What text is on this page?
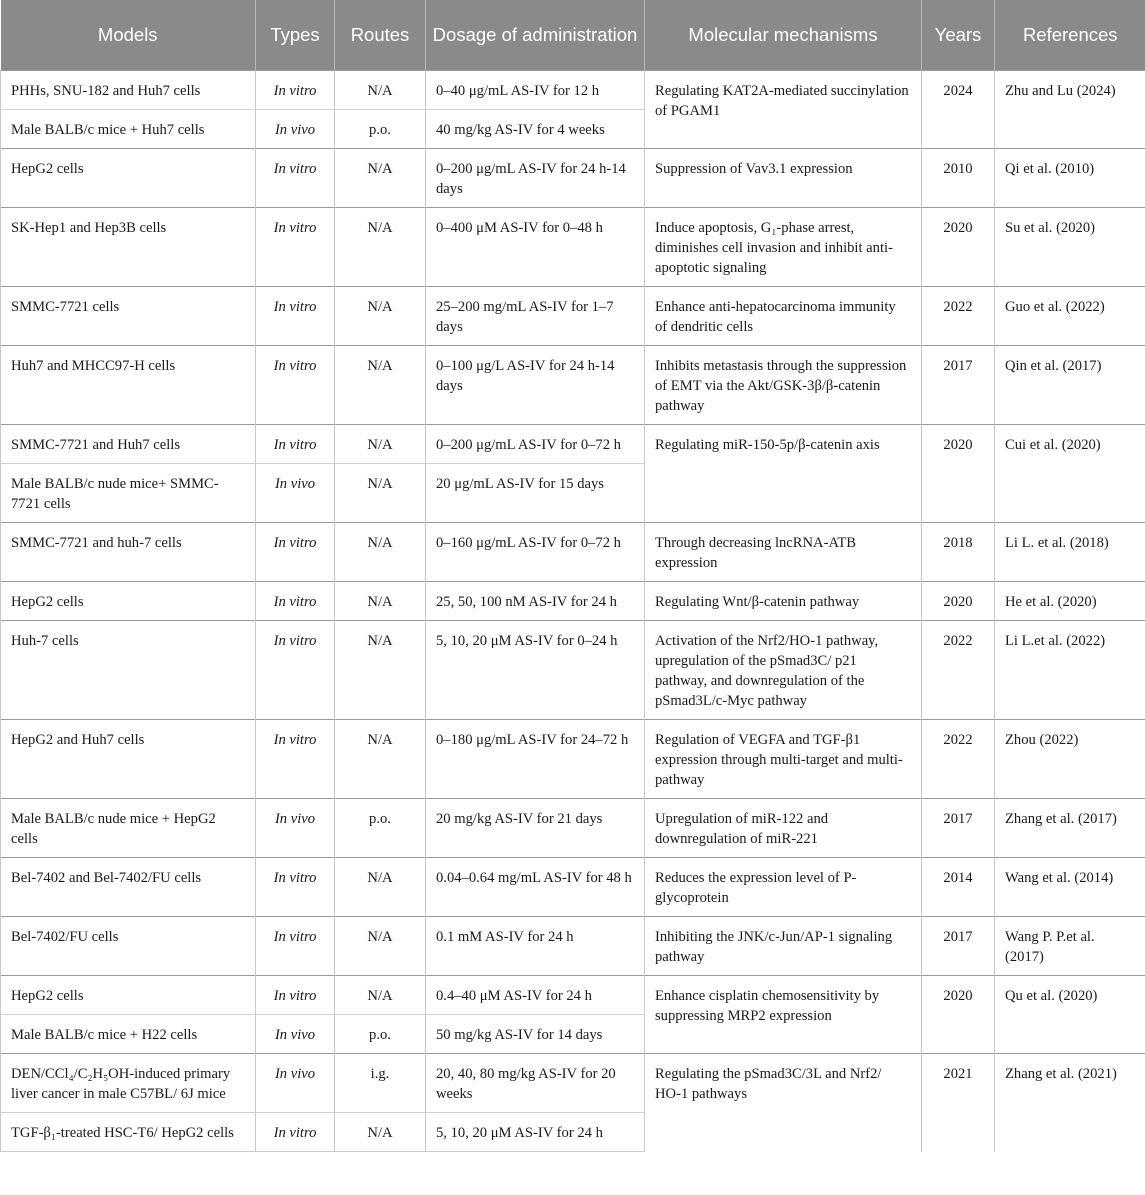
Models	Types	Routes	Dosage of administration	Molecular mechanisms	Years	References
PHHs, SNU-182 and Huh7 cells	In vitro	N/A	0–40 μg/mL AS-IV for 12 h	Regulating KAT2A-mediated succinylation of PGAM1	2024	Zhu and Lu (2024)
Male BALB/c mice + Huh7 cells	In vivo	p.o.	40 mg/kg AS-IV for 4 weeks			
HepG2 cells	In vitro	N/A	0–200 μg/mL AS-IV for 24 h-14 days	Suppression of Vav3.1 expression	2010	Qi et al. (2010)
SK-Hep1 and Hep3B cells	In vitro	N/A	0–400 μM AS-IV for 0–48 h	Induce apoptosis, G₁-phase arrest, diminishes cell invasion and inhibit anti-apoptotic signaling	2020	Su et al. (2020)
SMMC-7721 cells	In vitro	N/A	25–200 mg/mL AS-IV for 1–7 days	Enhance anti-hepatocarcinoma immunity of dendritic cells	2022	Guo et al. (2022)
Huh7 and MHCC97-H cells	In vitro	N/A	0–100 μg/L AS-IV for 24 h-14 days	Inhibits metastasis through the suppression of EMT via the Akt/GSK-3β/β-catenin pathway	2017	Qin et al. (2017)
SMMC-7721 and Huh7 cells	In vitro	N/A	0–200 μg/mL AS-IV for 0–72 h	Regulating miR-150-5p/β-catenin axis	2020	Cui et al. (2020)
Male BALB/c nude mice+ SMMC-7721 cells	In vivo	N/A	20 μg/mL AS-IV for 15 days			
SMMC-7721 and huh-7 cells	In vitro	N/A	0–160 μg/mL AS-IV for 0–72 h	Through decreasing lncRNA-ATB expression	2018	Li L. et al. (2018)
HepG2 cells	In vitro	N/A	25, 50, 100 nM AS-IV for 24 h	Regulating Wnt/β-catenin pathway	2020	He et al. (2020)
Huh-7 cells	In vitro	N/A	5, 10, 20 μM AS-IV for 0–24 h	Activation of the Nrf2/HO-1 pathway, upregulation of the pSmad3C/ p21 pathway, and downregulation of the pSmad3L/c-Myc pathway	2022	Li L.et al. (2022)
HepG2 and Huh7 cells	In vitro	N/A	0–180 μg/mL AS-IV for 24–72 h	Regulation of VEGFA and TGF-β1 expression through multi-target and multi-pathway	2022	Zhou (2022)
Male BALB/c nude mice + HepG2 cells	In vivo	p.o.	20 mg/kg AS-IV for 21 days	Upregulation of miR-122 and downregulation of miR-221	2017	Zhang et al. (2017)
Bel-7402 and Bel-7402/FU cells	In vitro	N/A	0.04–0.64 mg/mL AS-IV for 48 h	Reduces the expression level of P-glycoprotein	2014	Wang et al. (2014)
Bel-7402/FU cells	In vitro	N/A	0.1 mM AS-IV for 24 h	Inhibiting the JNK/c-Jun/AP-1 signaling pathway	2017	Wang P. P.et al. (2017)
HepG2 cells	In vitro	N/A	0.4–40 μM AS-IV for 24 h	Enhance cisplatin chemosensitivity by suppressing MRP2 expression	2020	Qu et al. (2020)
Male BALB/c mice + H22 cells	In vivo	p.o.	50 mg/kg AS-IV for 14 days			
DEN/CCl₄/C₂H₅OH-induced primary liver cancer in male C57BL/ 6J mice	In vivo	i.g.	20, 40, 80 mg/kg AS-IV for 20 weeks	Regulating the pSmad3C/3L and Nrf2/ HO-1 pathways	2021	Zhang et al. (2021)
TGF-β₁-treated HSC-T6/ HepG2 cells	In vitro	N/A	5, 10, 20 μM AS-IV for 24 h			
